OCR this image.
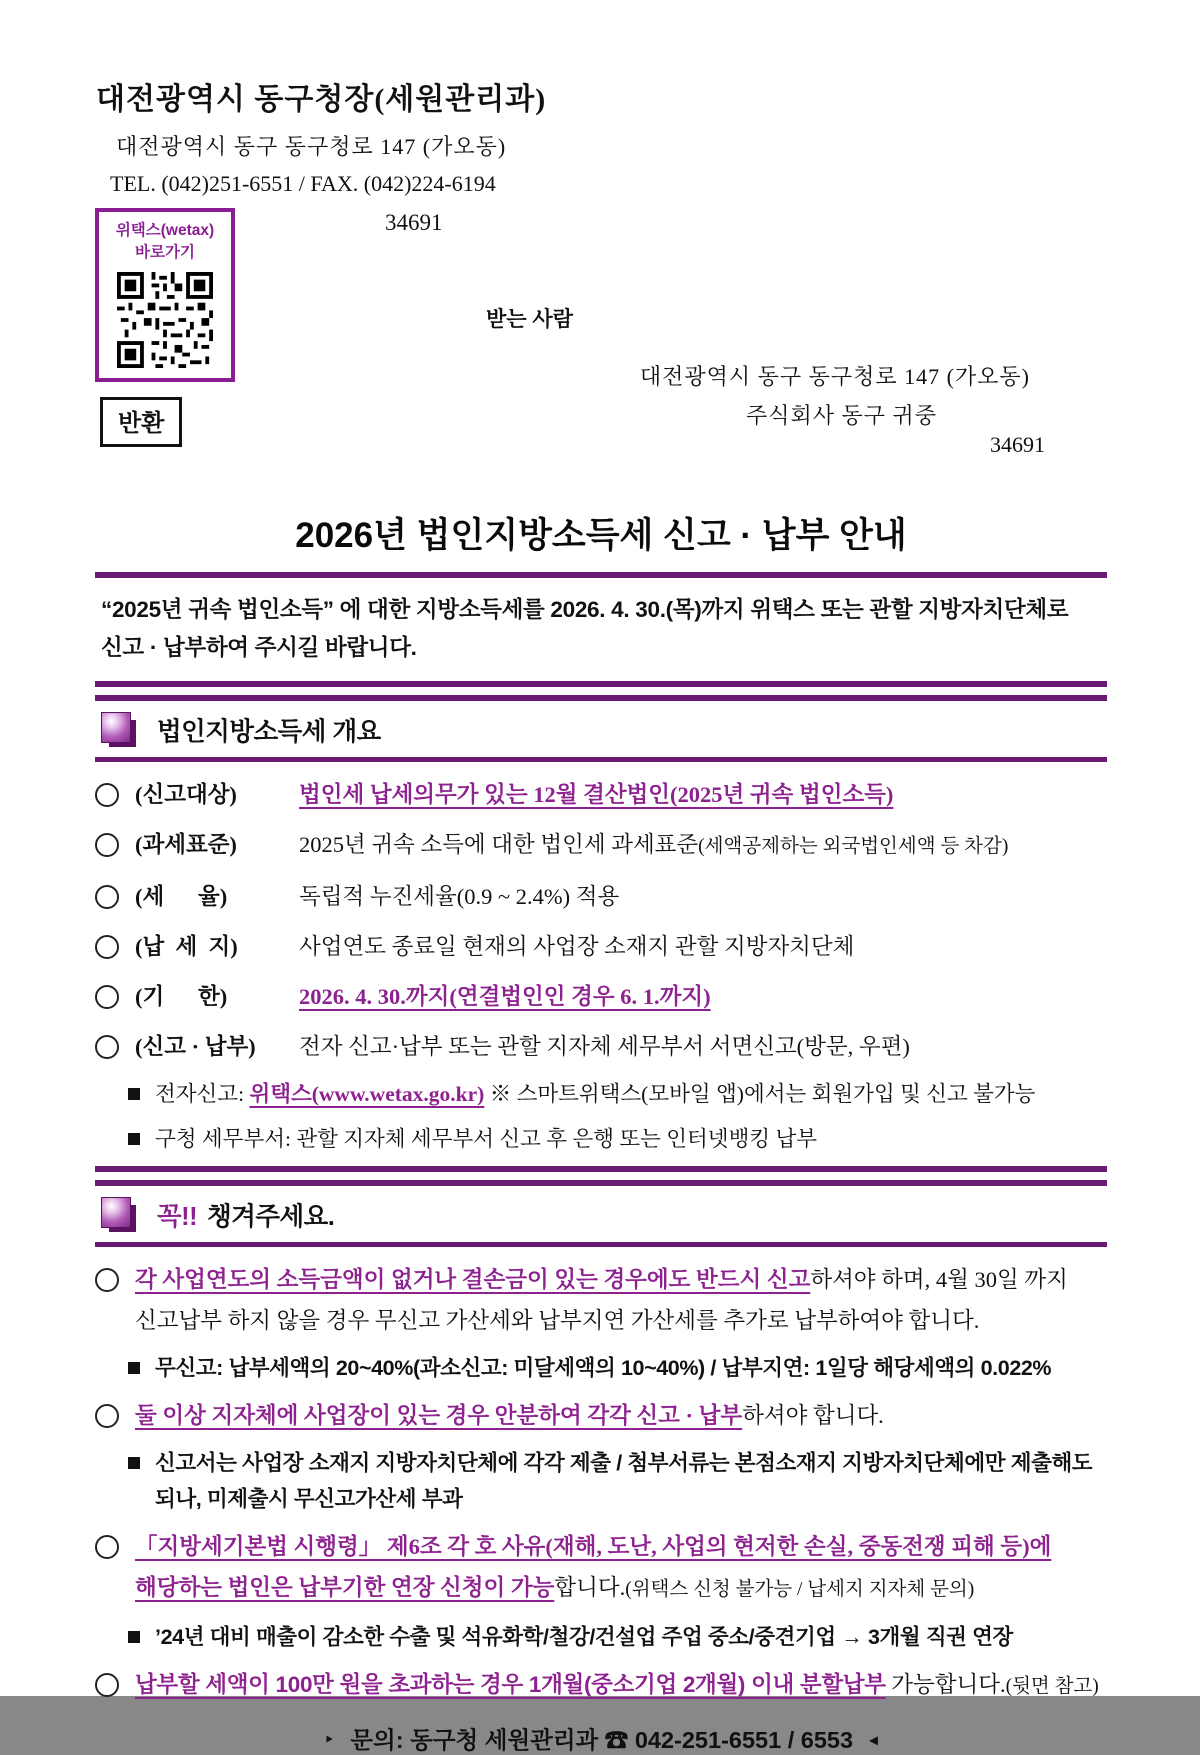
대전광역시 동구청장(세원관리과)
대전광역시 동구 동구청로 147 (가오동)
TEL. (042)251-6551 / FAX. (042)224-6194
34691
위택스(wetax)
바로가기
반환
받는 사람
대전광역시 동구 동구청로 147 (가오동)
주식회사 동구 귀중
34691
2026년 법인지방소득세 신고 · 납부 안내

“2025년 귀속 법인소득” 에 대한 지방소득세를 2026. 4. 30.(목)까지 위택스 또는 관할 지방자치단체로 신고 · 납부하여 주시길 바랍니다.

법인지방소득세 개요
(신고대상)	법인세 납세의무가 있는 12월 결산법인(2025년 귀속 법인소득)
(과세표준)	2025년 귀속 소득에 대한 법인세 과세표준(세액공제하는 외국법인세액 등 차감)
(세      율)	독립적 누진세율(0.9 ~ 2.4%) 적용
(납  세  지)	사업연도 종료일 현재의 사업장 소재지 관할 지방자치단체
(기      한)	2026. 4. 30.까지(연결법인인 경우 6. 1.까지)
(신고 · 납부) 전자 신고·납부 또는 관할 지자체 세무부서 서면신고(방문, 우편)
전자신고: 위택스(www.wetax.go.kr) ※ 스마트위택스(모바일 앱)에서는 회원가입 및 신고 불가능
구청 세무부서: 관할 지자체 세무부서 신고 후 은행 또는 인터넷뱅킹 납부
꼭!! 챙겨주세요.
각 사업연도의 소득금액이 없거나 결손금이 있는 경우에도 반드시 신고하셔야 하며, 4월 30일 까지 신고납부 하지 않을 경우 무신고 가산세와 납부지연 가산세를 추가로 납부하여야 합니다.
무신고: 납부세액의 20~40%(과소신고: 미달세액의 10~40%) / 납부지연: 1일당 해당세액의 0.022%
둘 이상 지자체에 사업장이 있는 경우 안분하여 각각 신고 · 납부하셔야 합니다.
신고서는 사업장 소재지 지방자치단체에 각각 제출 / 첨부서류는 본점소재지 지방자치단체에만 제출해도 되나, 미제출시 무신고가산세 부과
「지방세기본법 시행령」 제6조 각 호 사유(재해, 도난, 사업의 현저한 손실, 중동전쟁 피해 등)에 해당하는 법인은 납부기한 연장 신청이 가능합니다.(위택스 신청 불가능 / 납세지 지자체 문의)
’24년 대비 매출이 감소한 수출 및 석유화학/철강/건설업 주업 중소/중견기업 → 3개월 직권 연장
납부할 세액이 100만 원을 초과하는 경우 1개월(중소기업 2개월) 이내 분할납부 가능합니다.(뒷면 참고)
‣ 문의: 동구청 세원관리과 ☎ 042-251-6551 / 6553 ◂
